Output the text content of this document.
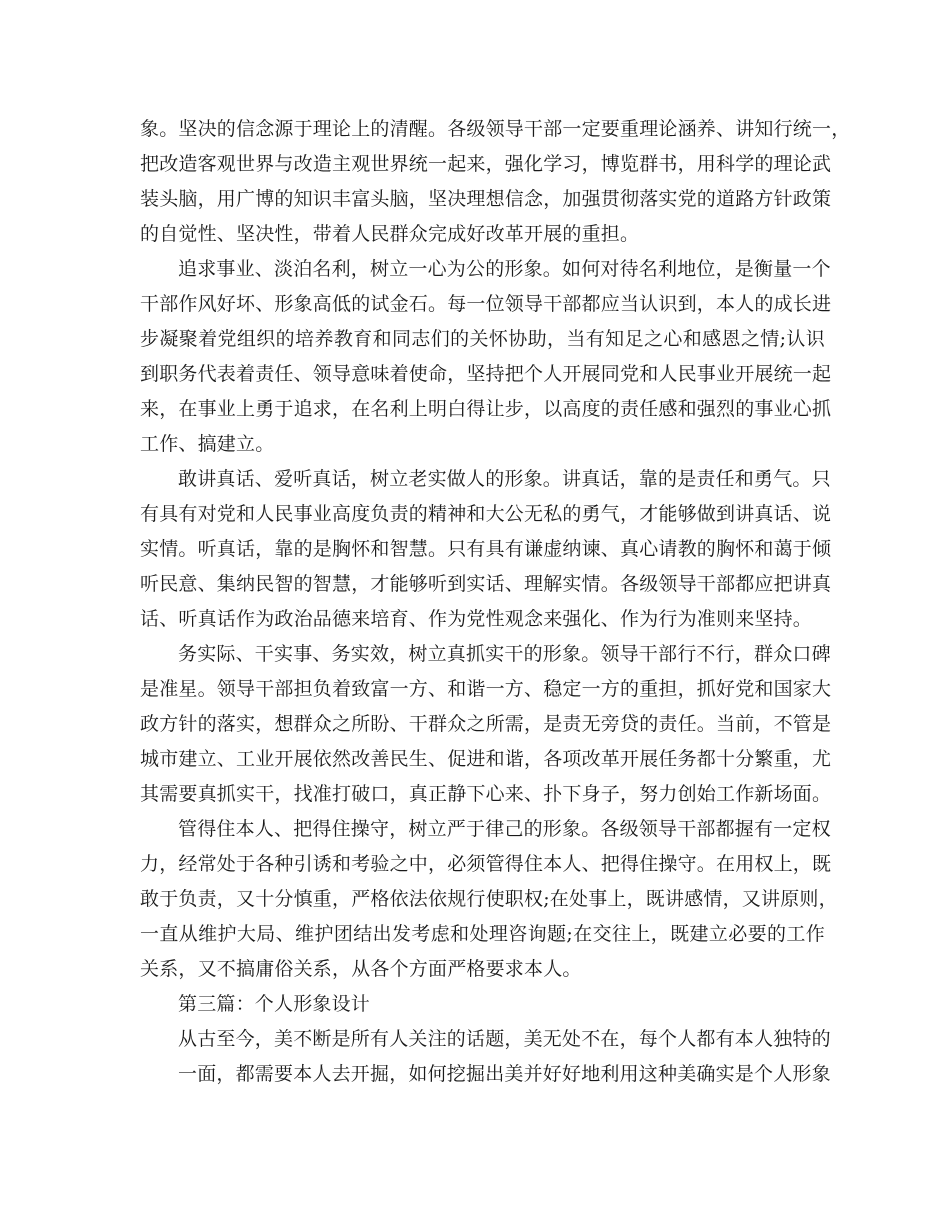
象。坚决的信念源于理论上的清醒。各级领导干部一定要重理论涵养、讲知行统一，
把改造客观世界与改造主观世界统一起来，强化学习，博览群书，用科学的理论武
装头脑，用广博的知识丰富头脑，坚决理想信念，加强贯彻落实党的道路方针政策
的自觉性、坚决性，带着人民群众完成好改革开展的重担。
追求事业、淡泊名利，树立一心为公的形象。如何对待名利地位，是衡量一个
干部作风好坏、形象高低的试金石。每一位领导干部都应当认识到，本人的成长进
步凝聚着党组织的培养教育和同志们的关怀协助，当有知足之心和感恩之情;认识
到职务代表着责任、领导意味着使命，坚持把个人开展同党和人民事业开展统一起
来，在事业上勇于追求，在名利上明白得让步，以高度的责任感和强烈的事业心抓
工作、搞建立。
敢讲真话、爱听真话，树立老实做人的形象。讲真话，靠的是责任和勇气。只
有具有对党和人民事业高度负责的精神和大公无私的勇气，才能够做到讲真话、说
实情。听真话，靠的是胸怀和智慧。只有具有谦虚纳谏、真心请教的胸怀和蔼于倾
听民意、集纳民智的智慧，才能够听到实话、理解实情。各级领导干部都应把讲真
话、听真话作为政治品德来培育、作为党性观念来强化、作为行为准则来坚持。
务实际、干实事、务实效，树立真抓实干的形象。领导干部行不行，群众口碑
是准星。领导干部担负着致富一方、和谐一方、稳定一方的重担，抓好党和国家大
政方针的落实，想群众之所盼、干群众之所需，是责无旁贷的责任。当前，不管是
城市建立、工业开展依然改善民生、促进和谐，各项改革开展任务都十分繁重，尤
其需要真抓实干，找准打破口，真正静下心来、扑下身子，努力创始工作新场面。
管得住本人、把得住操守，树立严于律己的形象。各级领导干部都握有一定权
力，经常处于各种引诱和考验之中，必须管得住本人、把得住操守。在用权上，既
敢于负责，又十分慎重，严格依法依规行使职权;在处事上，既讲感情，又讲原则，
一直从维护大局、维护团结出发考虑和处理咨询题;在交往上，既建立必要的工作
关系，又不搞庸俗关系，从各个方面严格要求本人。
第三篇：个人形象设计
从古至今，美不断是所有人关注的话题，美无处不在，每个人都有本人独特的
一面，都需要本人去开掘，如何挖掘出美并好好地利用这种美确实是个人形象
